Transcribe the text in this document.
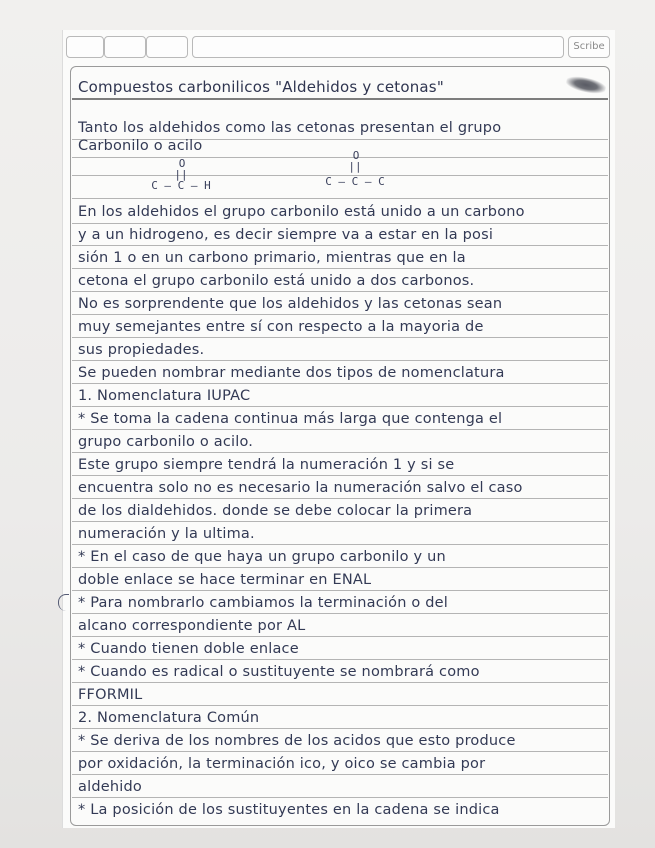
Scribe
Compuestos carbonilicos "Aldehidos y cetonas"
Tanto los aldehidos como las cetonas presentan el grupo
Carbonilo o acilo
O
||
C — C — H
O
||
C — C — C
En los aldehidos el grupo carbonilo está unido a un carbono
y a un hidrogeno, es decir siempre va a estar en la posi
sión 1 o en un carbono primario, mientras que en la
cetona el grupo carbonilo está unido a dos carbonos.
No es sorprendente que los aldehidos y las cetonas sean
muy semejantes entre sí con respecto a la mayoria de
sus propiedades.
Se pueden nombrar mediante dos tipos de nomenclatura
1. Nomenclatura IUPAC
* Se toma la cadena continua más larga que contenga el
grupo carbonilo o acilo.
Este grupo siempre tendrá la numeración 1 y si se
encuentra solo no es necesario la numeración salvo el caso
de los dialdehidos. donde se debe colocar la primera
numeración y la ultima.
* En el caso de que haya un grupo carbonilo y un
doble enlace se hace terminar en ENAL
* Para nombrarlo cambiamos la terminación o del
alcano correspondiente por AL
* Cuando tienen doble enlace
* Cuando es radical o sustituyente se nombrará como
FFORMIL
2. Nomenclatura Común
* Se deriva de los nombres de los acidos que esto produce
por oxidación, la terminación ico, y oico se cambia por
aldehido
* La posición de los sustituyentes en la cadena se indica
